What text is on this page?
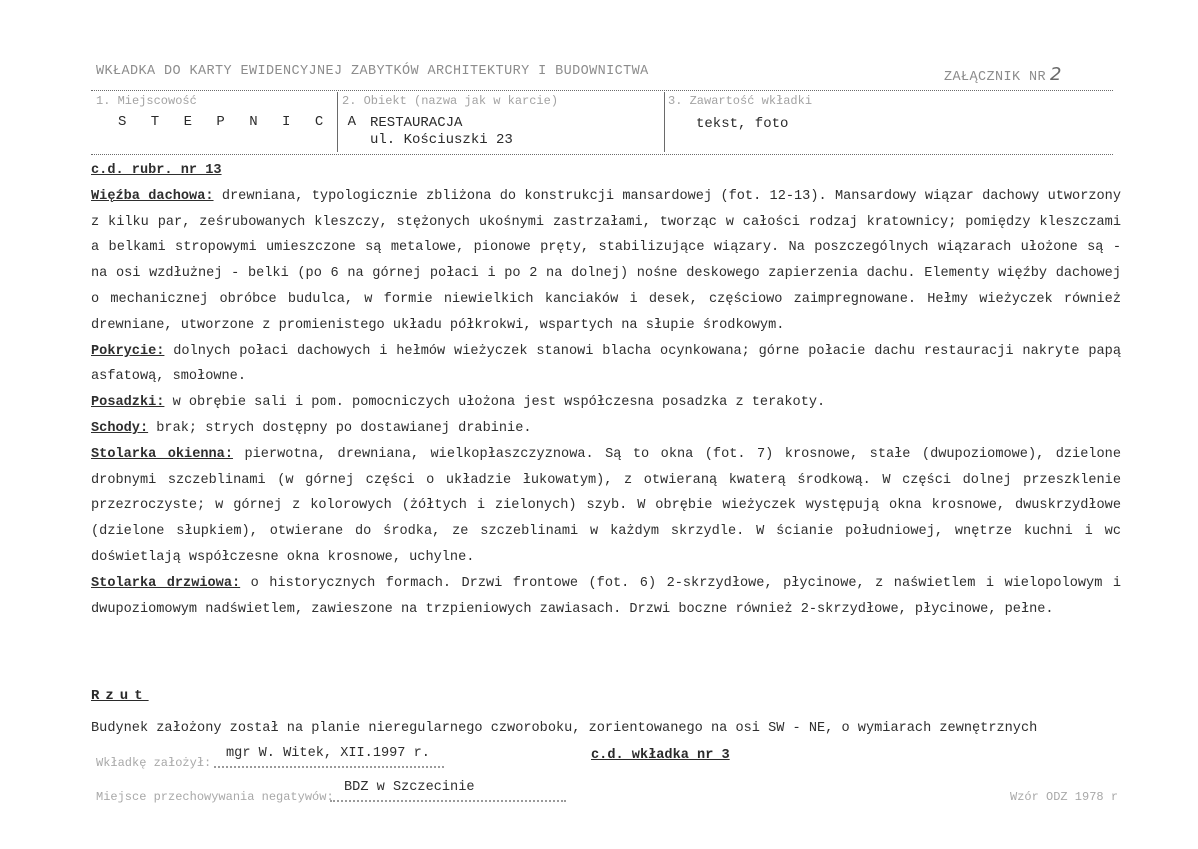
WKŁADKA DO KARTY EWIDENCYJNEJ ZABYTKÓW ARCHITEKTURY I BUDOWNICTWA	ZAŁĄCZNIK NR 2
1. Miejscowość
S T E P N I C A
2. Obiekt (nazwa jak w karcie)
RESTAURACJA
ul. Kościuszki 23
3. Zawartość wkładki
tekst, foto

c.d. rubr. nr 13

Więźba dachowa: drewniana, typologicznie zbliżona do konstrukcji mansardowej (fot. 12-13). Mansardowy wiązar dachowy utworzony z kilku par, ześrubowanych kleszczy, stężonych ukośnymi zastrzałami, tworząc w całości rodzaj kratownicy; pomiędzy kleszczami a belkami stropowymi umieszczone są metalowe, pionowe pręty, stabilizujące wiązary. Na poszczególnych wiązarach ułożone są - na osi wzdłużnej - belki (po 6 na górnej połaci i po 2 na dolnej) nośne deskowego zapierzenia dachu. Elementy więźby dachowej o mechanicznej obróbce budulca, w formie niewielkich kanciaków i desek, częściowo zaimpregnowane. Hełmy wieżyczek również drewniane, utworzone z promienistego układu półkrokwi, wspartych na słupie środkowym.

Pokrycie: dolnych połaci dachowych i hełmów wieżyczek stanowi blacha ocynkowana; górne połacie dachu restauracji nakryte papą asfatową, smołowne.

Posadzki: w obrębie sali i pom. pomocniczych ułożona jest współczesna posadzka z terakoty.

Schody: brak; strych dostępny po dostawianej drabinie.

Stolarka okienna: pierwotna, drewniana, wielkopłaszczyznowa. Są to okna (fot. 7) krosnowe, stałe (dwupoziomowe), dzielone drobnymi szczeblinami (w górnej części o układzie łukowatym), z otwieraną kwaterą środkową. W części dolnej przeszklenie przezroczyste; w górnej z kolorowych (żółtych i zielonych) szyb. W obrębie wieżyczek występują okna krosnowe, dwuskrzydłowe (dzielone słupkiem), otwierane do środka, ze szczeblinami w każdym skrzydle. W ścianie południowej, wnętrze kuchni i wc doświetlają współczesne okna krosnowe, uchylne.

Stolarka drzwiowa: o historycznych formach. Drzwi frontowe (fot. 6) 2-skrzydłowe, płycinowe, z naświetlem i wielopolowym i dwupoziomowym nadświetlem, zawieszone na trzpieniowych zawiasach. Drzwi boczne również 2-skrzydłowe, płycinowe, pełne.

Rzut
Budynek założony został na planie nieregularnego czworoboku, zorientowanego na osi SW - NE, o wymiarach zewnętrznych
Wkładkę założył:
mgr W. Witek, XII.1997 r.	c.d. wkładka nr 3
Miejsce przechowywania negatywów:
BDZ w Szczecinie
Wzór ODZ 1978 r
